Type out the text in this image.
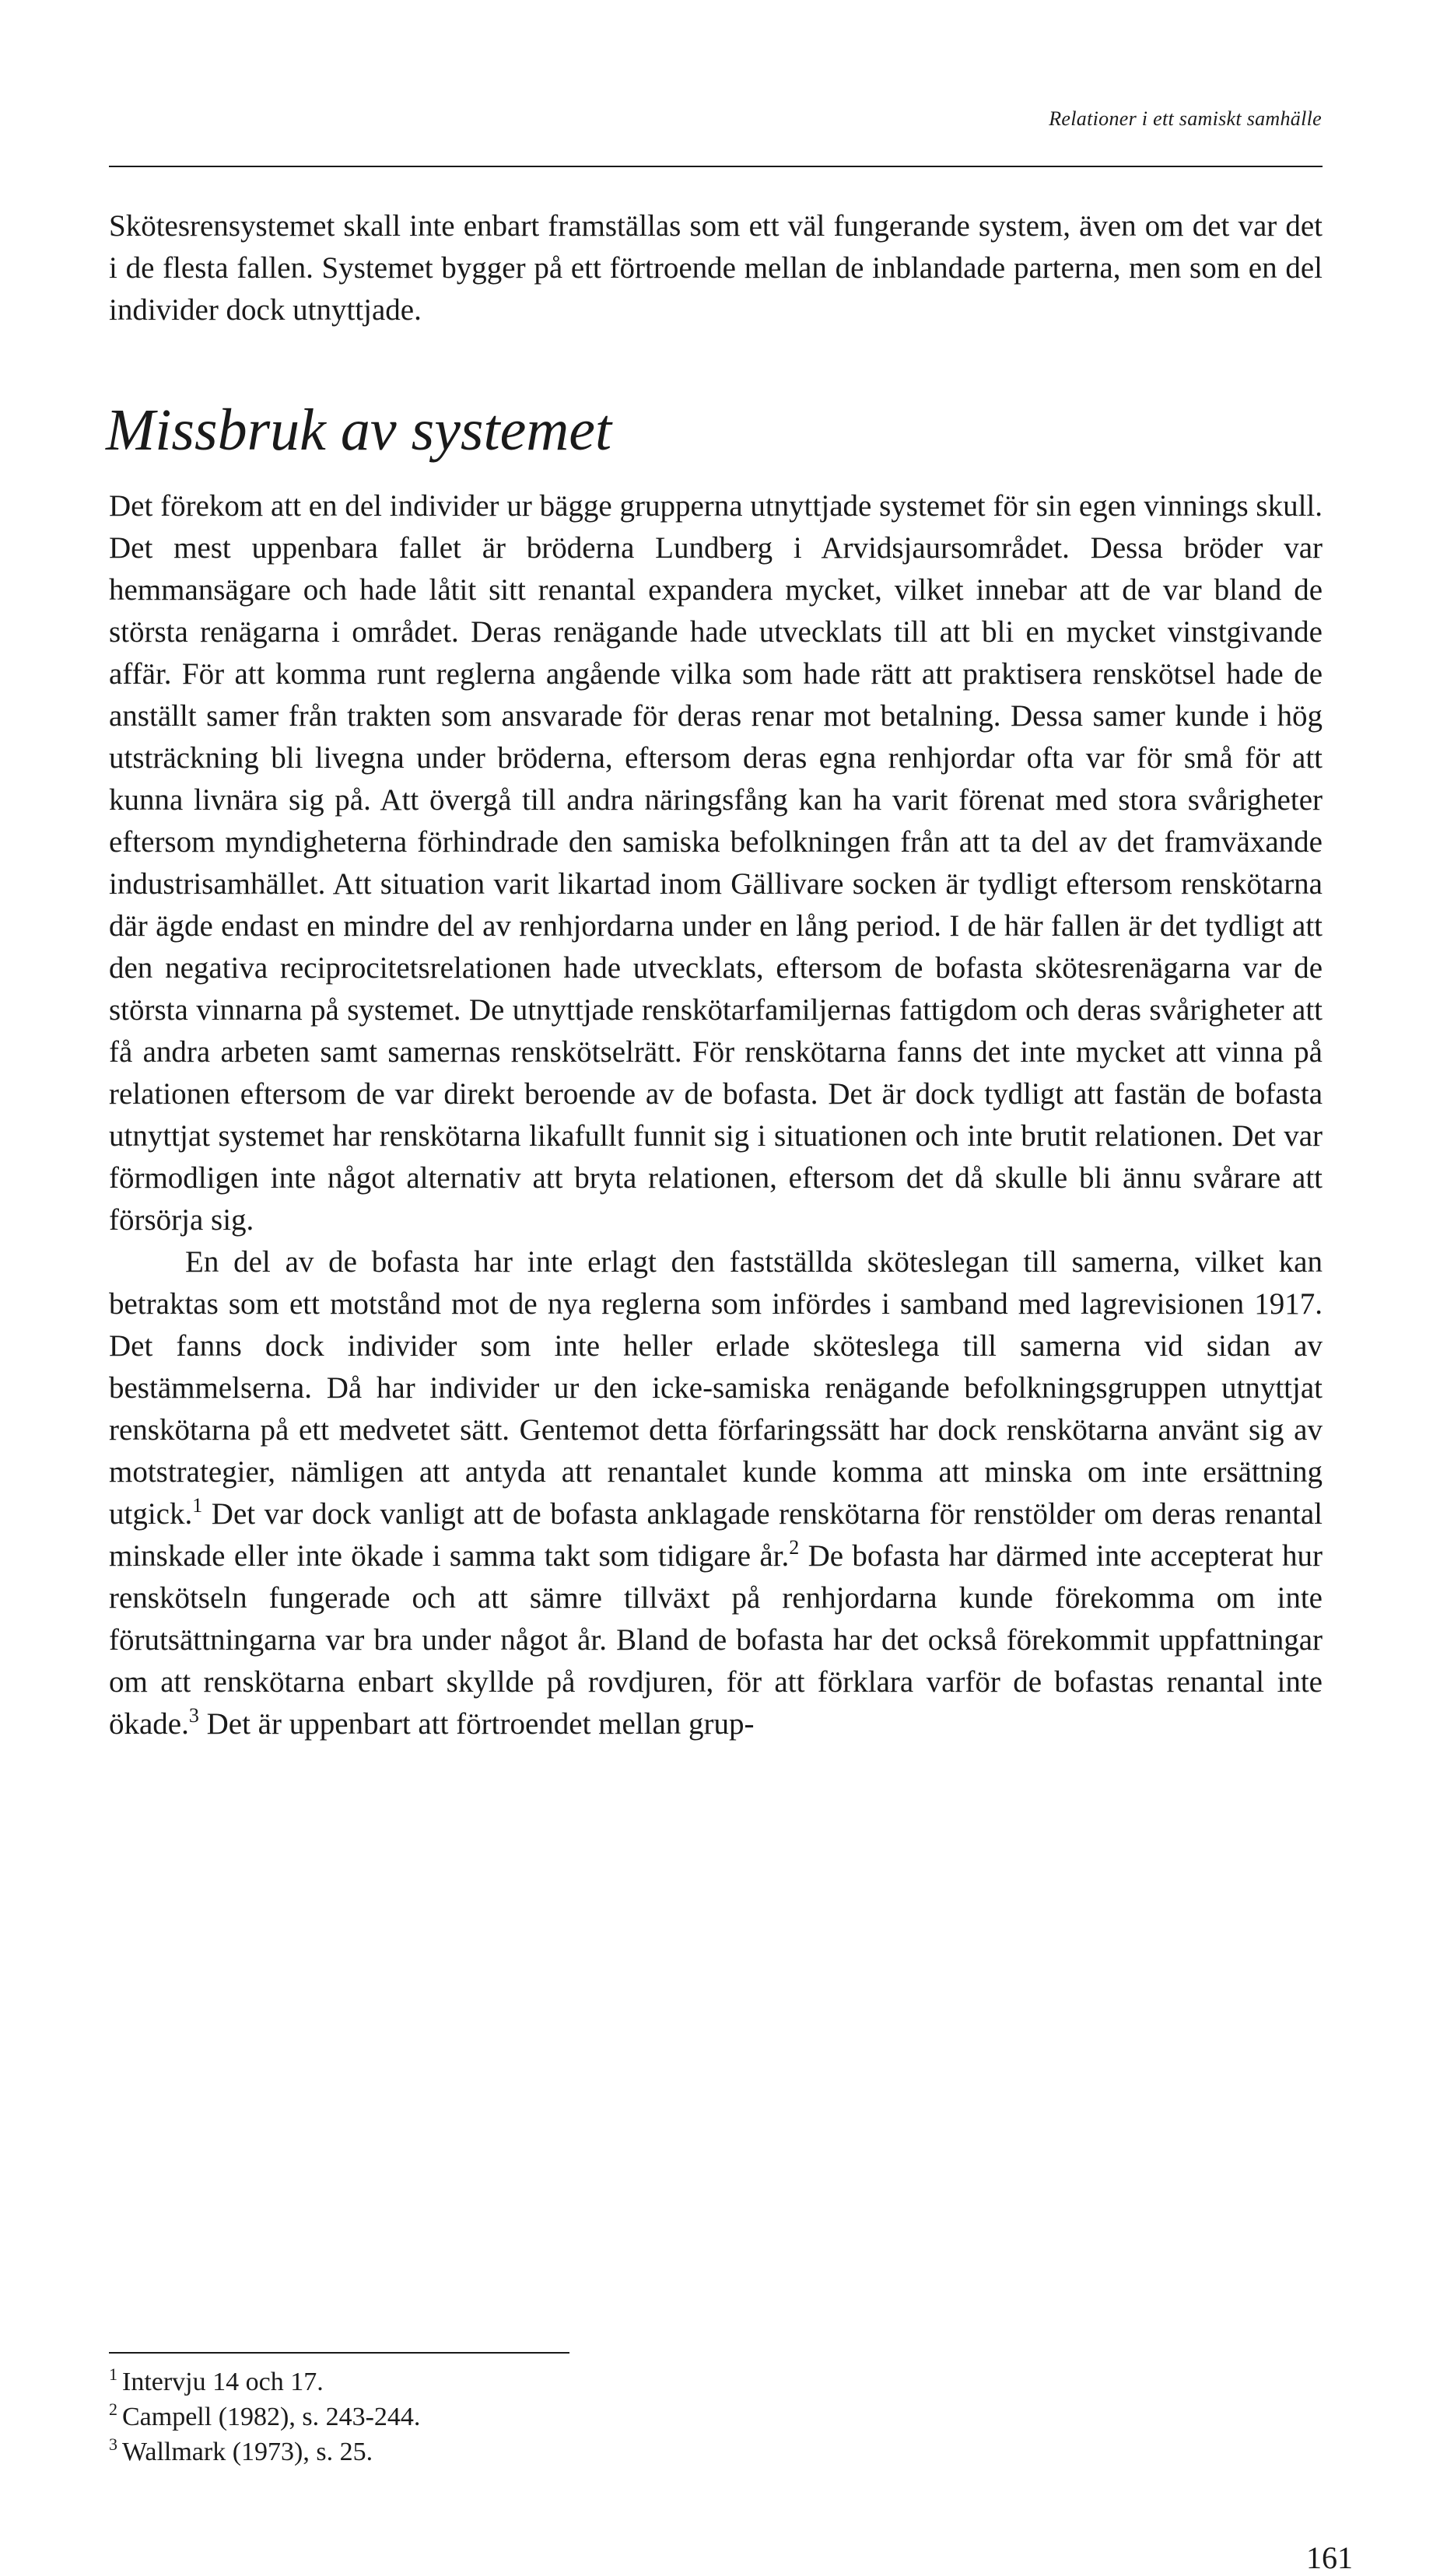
Relationer i ett samiskt samhälle

Skötesrensystemet skall inte enbart framställas som ett väl fungerande system, även om det var det i de flesta fallen. Systemet bygger på ett förtroende mellan de inblandade parterna, men som en del individer dock utnyttjade.

Missbruk av systemet

Det förekom att en del individer ur bägge grupperna utnyttjade systemet för sin egen vinnings skull. Det mest uppenbara fallet är bröderna Lundberg i Arvidsjaursområdet. Dessa bröder var hemmansägare och hade låtit sitt renantal expandera mycket, vilket innebar att de var bland de största renägarna i området. Deras renägande hade utvecklats till att bli en mycket vinstgivande affär. För att komma runt reglerna angående vilka som hade rätt att praktisera renskötsel hade de anställt samer från trakten som ansvarade för deras renar mot betalning. Dessa samer kunde i hög utsträckning bli livegna under bröderna, eftersom deras egna renhjordar ofta var för små för att kunna livnära sig på. Att övergå till andra näringsfång kan ha varit förenat med stora svårigheter eftersom myndigheterna förhindrade den samiska befolkningen från att ta del av det framväxande industrisamhället. Att situation varit likartad inom Gällivare socken är tydligt eftersom renskötarna där ägde endast en mindre del av renhjordarna under en lång period. I de här fallen är det tydligt att den negativa reciprocitetsrelationen hade utvecklats, eftersom de bofasta skötesrenägarna var de största vinnarna på systemet. De utnyttjade renskötarfamiljernas fattigdom och deras svårigheter att få andra arbeten samt samernas renskötselrätt. För renskötarna fanns det inte mycket att vinna på relationen eftersom de var direkt beroende av de bofasta. Det är dock tydligt att fastän de bofasta utnyttjat systemet har renskötarna likafullt funnit sig i situationen och inte brutit relationen. Det var förmodligen inte något alternativ att bryta relationen, eftersom det då skulle bli ännu svårare att försörja sig.

En del av de bofasta har inte erlagt den fastställda sköteslegan till samerna, vilket kan betraktas som ett motstånd mot de nya reglerna som infördes i samband med lagrevisionen 1917. Det fanns dock individer som inte heller erlade sköteslega till samerna vid sidan av bestämmelserna. Då har individer ur den icke-samiska renägande befolkningsgruppen utnyttjat renskötarna på ett medvetet sätt. Gentemot detta förfaringssätt har dock renskötarna använt sig av motstrategier, nämligen att antyda att renantalet kunde komma att minska om inte ersättning utgick.$^1$ Det var dock vanligt att de bofasta anklagade renskötarna för renstölder om deras renantal minskade eller inte ökade i samma takt som tidigare år.$^2$ De bofasta har därmed inte accepterat hur renskötseln fungerade och att sämre tillväxt på renhjordarna kunde förekomma om inte förutsättningarna var bra under något år. Bland de bofasta har det också förekommit uppfattningar om att renskötarna enbart skyllde på rovdjuren, för att förklara varför de bofastas renantal inte ökade.$^3$ Det är uppenbart att förtroendet mellan grup-

$^1$ Intervju 14 och 17.
$^2$ Campell (1982), s. 243-244.
$^3$ Wallmark (1973), s. 25.
161
